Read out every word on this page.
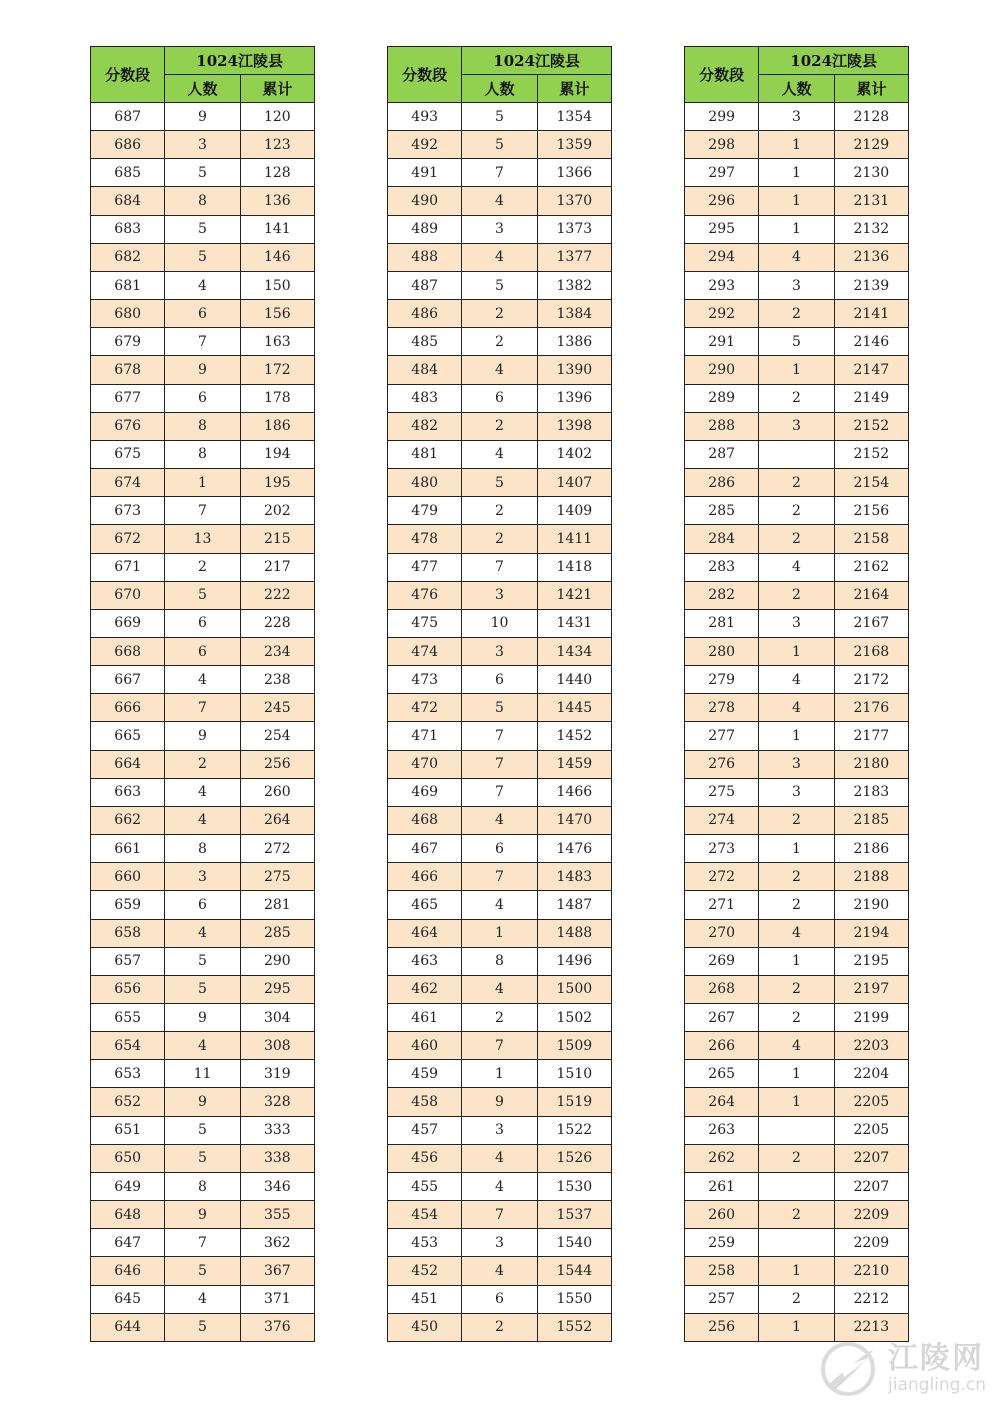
分数段	1024江陵县	
	人数	累计
687	9	120
686	3	123
685	5	128
684	8	136
683	5	141
682	5	146
681	4	150
680	6	156
679	7	163
678	9	172
677	6	178
676	8	186
675	8	194
674	1	195
673	7	202
672	13	215
671	2	217
670	5	222
669	6	228
668	6	234
667	4	238
666	7	245
665	9	254
664	2	256
663	4	260
662	4	264
661	8	272
660	3	275
659	6	281
658	4	285
657	5	290
656	5	295
655	9	304
654	4	308
653	11	319
652	9	328
651	5	333
650	5	338
649	8	346
648	9	355
647	7	362
646	5	367
645	4	371
644	5	376
分数段	1024江陵县	
	人数	累计
493	5	1354
492	5	1359
491	7	1366
490	4	1370
489	3	1373
488	4	1377
487	5	1382
486	2	1384
485	2	1386
484	4	1390
483	6	1396
482	2	1398
481	4	1402
480	5	1407
479	2	1409
478	2	1411
477	7	1418
476	3	1421
475	10	1431
474	3	1434
473	6	1440
472	5	1445
471	7	1452
470	7	1459
469	7	1466
468	4	1470
467	6	1476
466	7	1483
465	4	1487
464	1	1488
463	8	1496
462	4	1500
461	2	1502
460	7	1509
459	1	1510
458	9	1519
457	3	1522
456	4	1526
455	4	1530
454	7	1537
453	3	1540
452	4	1544
451	6	1550
450	2	1552
分数段	1024江陵县	
	人数	累计
299	3	2128
298	1	2129
297	1	2130
296	1	2131
295	1	2132
294	4	2136
293	3	2139
292	2	2141
291	5	2146
290	1	2147
289	2	2149
288	3	2152
287		2152
286	2	2154
285	2	2156
284	2	2158
283	4	2162
282	2	2164
281	3	2167
280	1	2168
279	4	2172
278	4	2176
277	1	2177
276	3	2180
275	3	2183
274	2	2185
273	1	2186
272	2	2188
271	2	2190
270	4	2194
269	1	2195
268	2	2197
267	2	2199
266	4	2203
265	1	2204
264	1	2205
263		2205
262	2	2207
261		2207
260	2	2209
259		2209
258	1	2210
257	2	2212
256	1	2213
江陵网
jiangling.cn
